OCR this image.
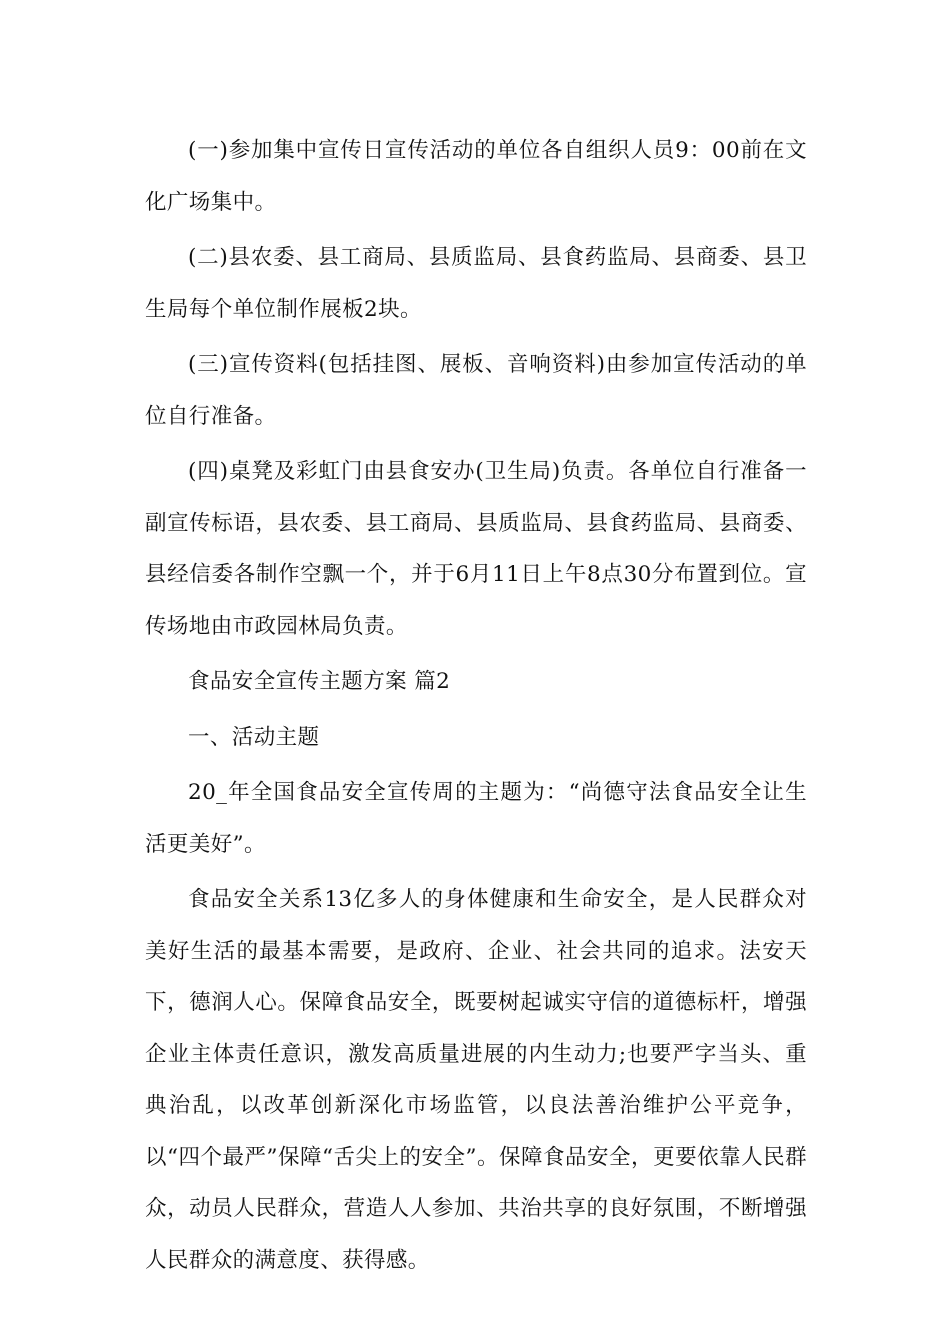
(一)参加集中宣传日宣传活动的单位各自组织人员9：00前在文化广场集中。

(二)县农委、县工商局、县质监局、县食药监局、县商委、县卫生局每个单位制作展板2块。

(三)宣传资料(包括挂图、展板、音响资料)由参加宣传活动的单位自行准备。

(四)桌凳及彩虹门由县食安办(卫生局)负责。各单位自行准备一副宣传标语，县农委、县工商局、县质监局、县食药监局、县商委、县经信委各制作空飘一个，并于6月11日上午8点30分布置到位。宣传场地由市政园林局负责。

食品安全宣传主题方案 篇2

一、活动主题

20_年全国食品安全宣传周的主题为：“尚德守法食品安全让生活更美好”。

食品安全关系13亿多人的身体健康和生命安全，是人民群众对美好生活的最基本需要，是政府、企业、社会共同的追求。法安天下，德润人心。保障食品安全，既要树起诚实守信的道德标杆，增强企业主体责任意识，激发高质量进展的内生动力;也要严字当头、重典治乱，以改革创新深化市场监管，以良法善治维护公平竞争，以“四个最严”保障“舌尖上的安全”。保障食品安全，更要依靠人民群众，动员人民群众，营造人人参加、共治共享的良好氛围，不断增强人民群众的满意度、获得感。
